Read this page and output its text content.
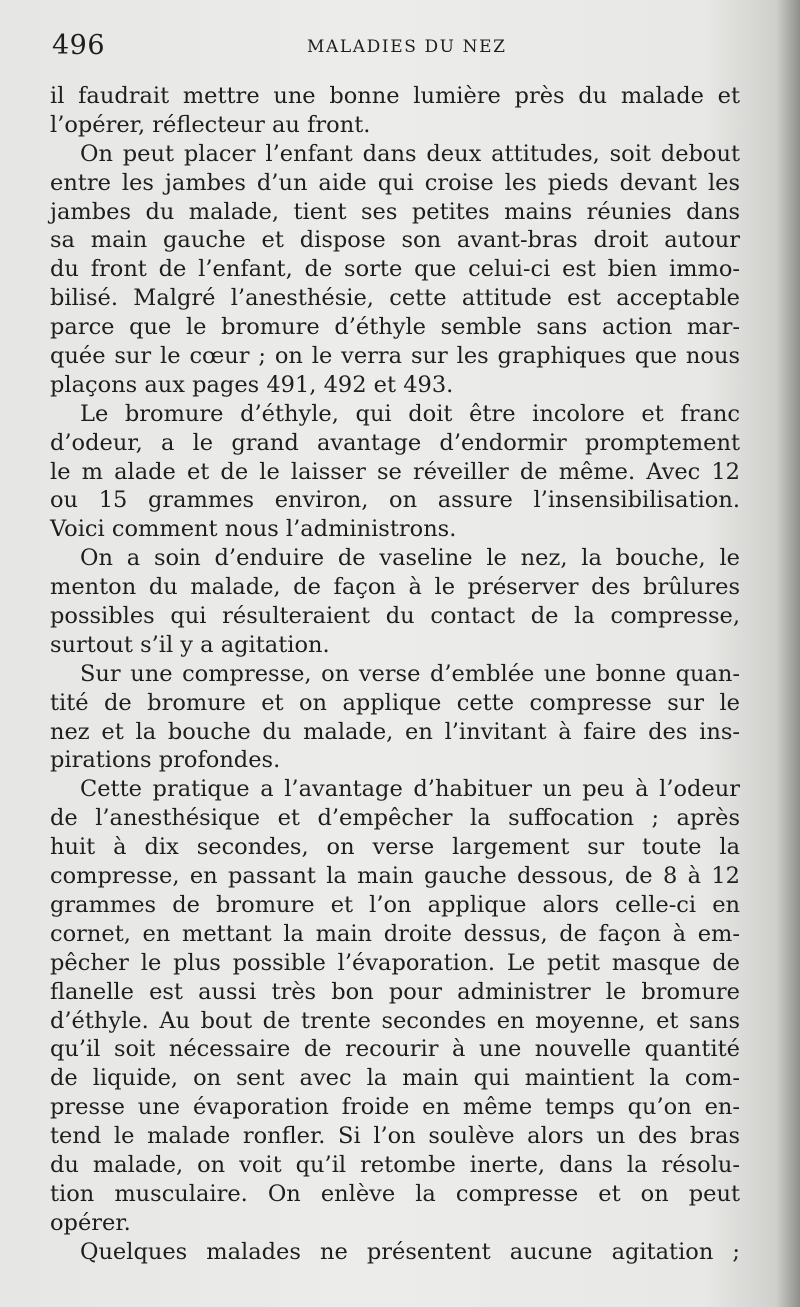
496	MALADIES DU NEZ
il faudrait mettre une bonne lumière près du malade et
l’opérer, réflecteur au front.
On peut placer l’enfant dans deux attitudes, soit debout
entre les jambes d’un aide qui croise les pieds devant les
jambes du malade, tient ses petites mains réunies dans
sa main gauche et dispose son avant-bras droit autour
du front de l’enfant, de sorte que celui-ci est bien immo-
bilisé. Malgré l’anesthésie, cette attitude est acceptable
parce que le bromure d’éthyle semble sans action mar-
quée sur le cœur ; on le verra sur les graphiques que nous
plaçons aux pages 491, 492 et 493.
Le bromure d’éthyle, qui doit être incolore et franc
d’odeur, a le grand avantage d’endormir promptement
le m alade et de le laisser se réveiller de même. Avec 12
ou 15 grammes environ, on assure l’insensibilisation.
Voici comment nous l’administrons.
On a soin d’enduire de vaseline le nez, la bouche, le
menton du malade, de façon à le préserver des brûlures
possibles qui résulteraient du contact de la compresse,
surtout s’il y a agitation.
Sur une compresse, on verse d’emblée une bonne quan-
tité de bromure et on applique cette compresse sur le
nez et la bouche du malade, en l’invitant à faire des ins-
pirations profondes.
Cette pratique a l’avantage d’habituer un peu à l’odeur
de l’anesthésique et d’empêcher la suffocation ; après
huit à dix secondes, on verse largement sur toute la
compresse, en passant la main gauche dessous, de 8 à 12
grammes de bromure et l’on applique alors celle-ci en
cornet, en mettant la main droite dessus, de façon à em-
pêcher le plus possible l’évaporation. Le petit masque de
flanelle est aussi très bon pour administrer le bromure
d’éthyle. Au bout de trente secondes en moyenne, et sans
qu’il soit nécessaire de recourir à une nouvelle quantité
de liquide, on sent avec la main qui maintient la com-
presse une évaporation froide en même temps qu’on en-
tend le malade ronfler. Si l’on soulève alors un des bras
du malade, on voit qu’il retombe inerte, dans la résolu-
tion musculaire. On enlève la compresse et on peut
opérer.
Quelques malades ne présentent aucune agitation ;
